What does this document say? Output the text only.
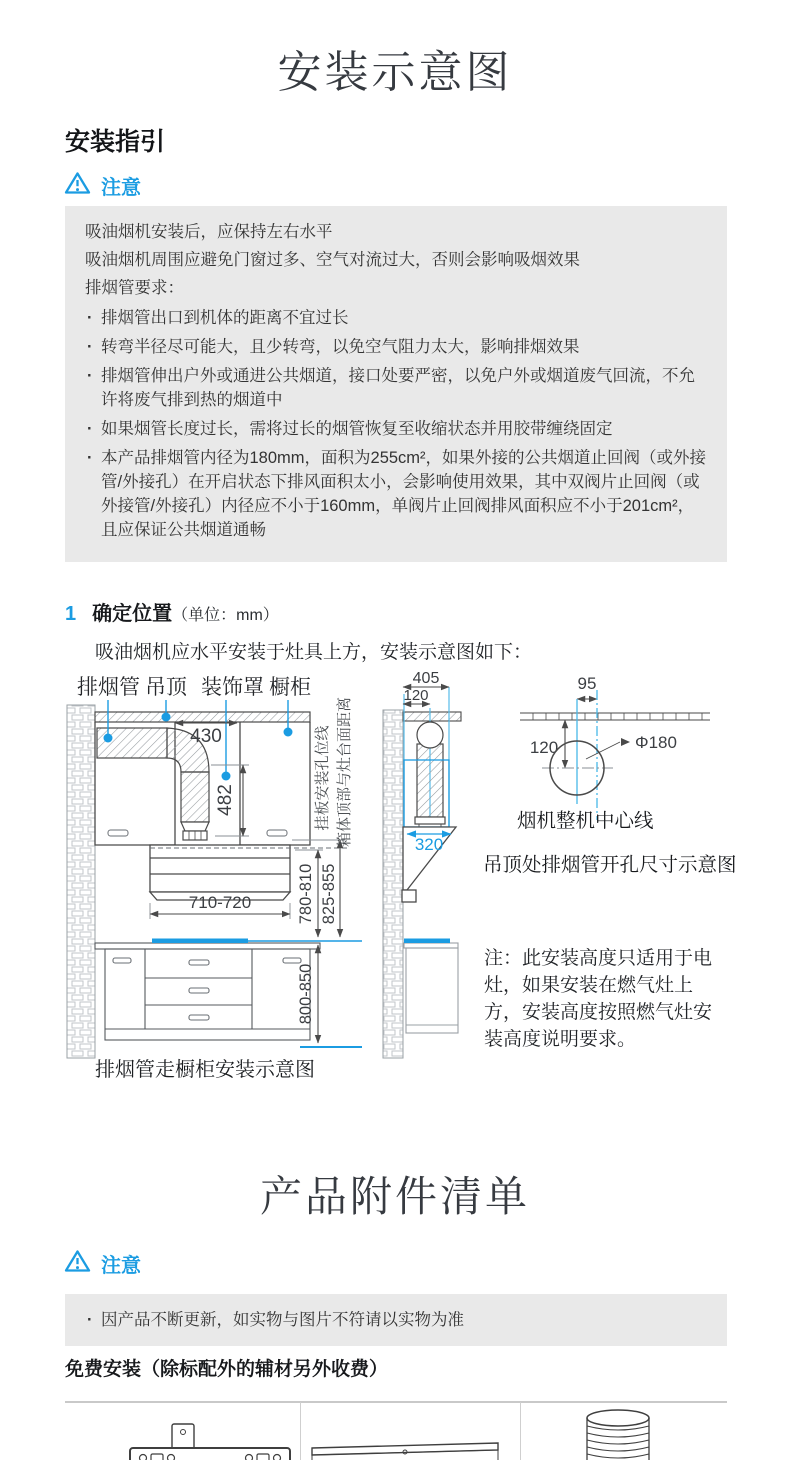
安装示意图
安装指引
注意

吸油烟机安装后，应保持左右水平

吸油烟机周围应避免门窗过多、空气对流过大，否则会影响吸烟效果

排烟管要求：

· 排烟管出口到机体的距离不宜过长
· 转弯半径尽可能大，且少转弯，以免空气阻力太大，影响排烟效果
· 排烟管伸出户外或通进公共烟道，接口处要严密，以免户外或烟道废气回流，不允许将废气排到热的烟道中
· 如果烟管长度过长，需将过长的烟管恢复至收缩状态并用胶带缠绕固定
· 本产品排烟管内径为180mm，面积为255cm²，如果外接的公共烟道止回阀（或外接管/外接孔）在开启状态下排风面积太小，会影响使用效果，其中双阀片止回阀（或外接管/外接孔）内径应不小于160mm，单阀片止回阀排风面积应不小于201cm²，且应保证公共烟道通畅
1 确定位置 （单位：mm）
吸油烟机应水平安装于灶具上方，安装示意图如下：
排烟管 吊顶 装饰罩 橱柜
430
482
710-720	780-810 825-855
800-850
挂板安装孔位线 箱体顶部与灶台面距离
排烟管走橱柜安装示意图
405
120
320
95
120	Φ180
烟机整机中心线
吊顶处排烟管开孔尺寸示意图
注：此安装高度只适用于电灶，如果安装在燃气灶上方，安装高度按照燃气灶安装高度说明要求。
产品附件清单
注意
· 因产品不断更新，如实物与图片不符请以实物为准
免费安装（除标配外的辅材另外收费）
